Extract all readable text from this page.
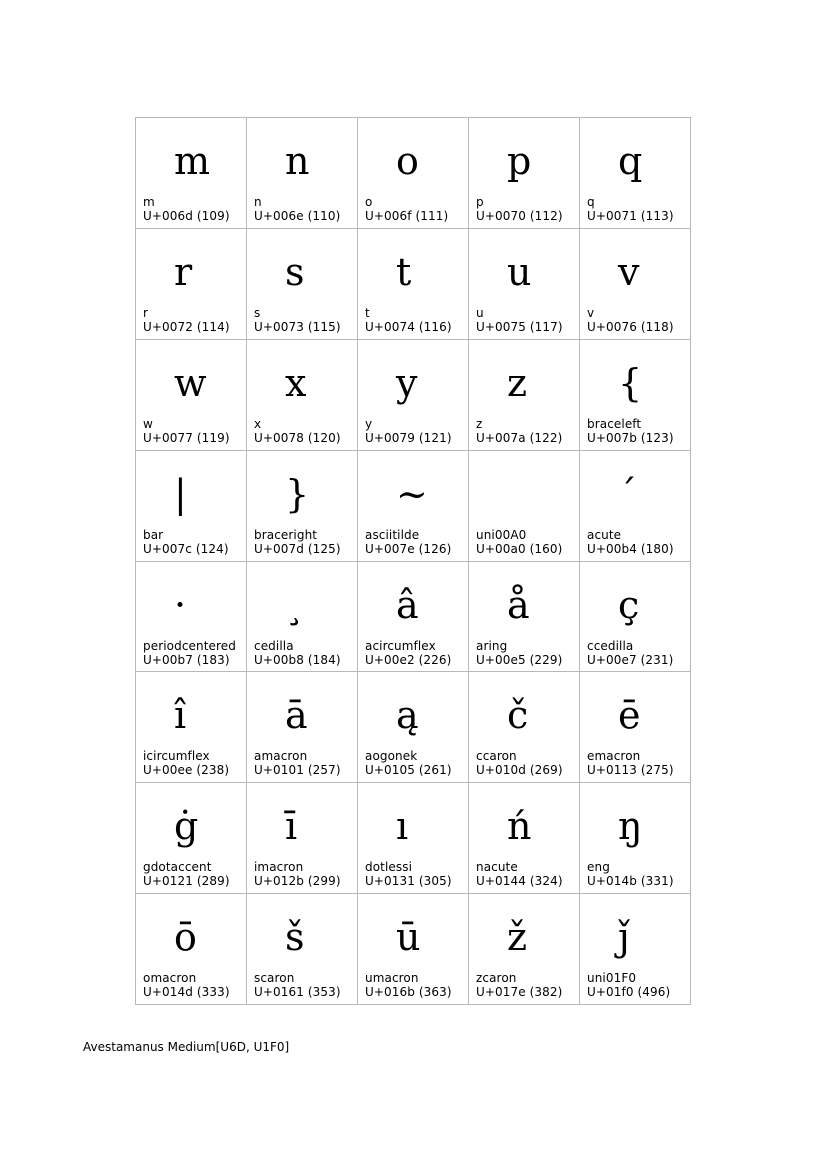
m
m
U+006d (109)
n
n
U+006e (110)
o
o
U+006f (111)
p
p
U+0070 (112)
q
q
U+0071 (113)
r
r
U+0072 (114)
s
s
U+0073 (115)
t
t
U+0074 (116)
u
u
U+0075 (117)
v
v
U+0076 (118)
w
w
U+0077 (119)
x
x
U+0078 (120)
y
y
U+0079 (121)
z
z
U+007a (122)
{
braceleft
U+007b (123)
|
bar
U+007c (124)
}
braceright
U+007d (125)
~
asciitilde
U+007e (126)
uni00A0
U+00a0 (160)
´
acute
U+00b4 (180)
·
periodcentered
U+00b7 (183)
¸
cedilla
U+00b8 (184)
â
acircumflex
U+00e2 (226)
å
aring
U+00e5 (229)
ç
ccedilla
U+00e7 (231)
î
icircumflex
U+00ee (238)
ā
amacron
U+0101 (257)
ą
aogonek
U+0105 (261)
č
ccaron
U+010d (269)
ē
emacron
U+0113 (275)
ġ
gdotaccent
U+0121 (289)
ī
imacron
U+012b (299)
ı
dotlessi
U+0131 (305)
ń
nacute
U+0144 (324)
ŋ
eng
U+014b (331)
ō
omacron
U+014d (333)
š
scaron
U+0161 (353)
ū
umacron
U+016b (363)
ž
zcaron
U+017e (382)
ǰ
uni01F0
U+01f0 (496)
Avestamanus Medium[U6D, U1F0]
